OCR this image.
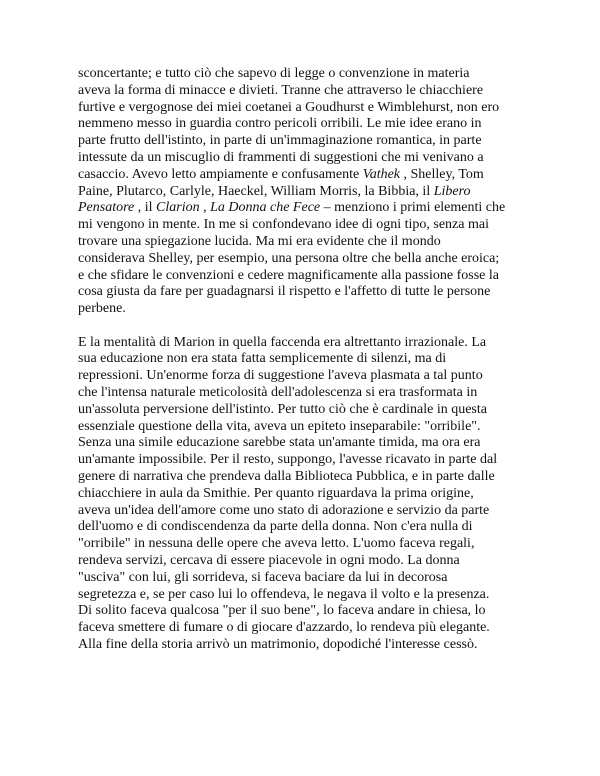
sconcertante; e tutto ciò che sapevo di legge o convenzione in materia
aveva la forma di minacce e divieti. Tranne che attraverso le chiacchiere
furtive e vergognose dei miei coetanei a Goudhurst e Wimblehurst, non ero
nemmeno messo in guardia contro pericoli orribili. Le mie idee erano in
parte frutto dell'istinto, in parte di un'immaginazione romantica, in parte
intessute da un miscuglio di frammenti di suggestioni che mi venivano a
casaccio. Avevo letto ampiamente e confusamente Vathek , Shelley, Tom
Paine, Plutarco, Carlyle, Haeckel, William Morris, la Bibbia, il Libero
Pensatore , il Clarion , La Donna che Fece – menziono i primi elementi che
mi vengono in mente. In me si confondevano idee di ogni tipo, senza mai
trovare una spiegazione lucida. Ma mi era evidente che il mondo
considerava Shelley, per esempio, una persona oltre che bella anche eroica;
e che sfidare le convenzioni e cedere magnificamente alla passione fosse la
cosa giusta da fare per guadagnarsi il rispetto e l'affetto di tutte le persone
perbene.
E la mentalità di Marion in quella faccenda era altrettanto irrazionale. La
sua educazione non era stata fatta semplicemente di silenzi, ma di
repressioni. Un'enorme forza di suggestione l'aveva plasmata a tal punto
che l'intensa naturale meticolosità dell'adolescenza si era trasformata in
un'assoluta perversione dell'istinto. Per tutto ciò che è cardinale in questa
essenziale questione della vita, aveva un epiteto inseparabile: "orribile".
Senza una simile educazione sarebbe stata un'amante timida, ma ora era
un'amante impossibile. Per il resto, suppongo, l'avesse ricavato in parte dal
genere di narrativa che prendeva dalla Biblioteca Pubblica, e in parte dalle
chiacchiere in aula da Smithie. Per quanto riguardava la prima origine,
aveva un'idea dell'amore come uno stato di adorazione e servizio da parte
dell'uomo e di condiscendenza da parte della donna. Non c'era nulla di
"orribile" in nessuna delle opere che aveva letto. L'uomo faceva regali,
rendeva servizi, cercava di essere piacevole in ogni modo. La donna
"usciva" con lui, gli sorrideva, si faceva baciare da lui in decorosa
segretezza e, se per caso lui lo offendeva, le negava il volto e la presenza.
Di solito faceva qualcosa "per il suo bene", lo faceva andare in chiesa, lo
faceva smettere di fumare o di giocare d'azzardo, lo rendeva più elegante.
Alla fine della storia arrivò un matrimonio, dopodiché l'interesse cessò.
